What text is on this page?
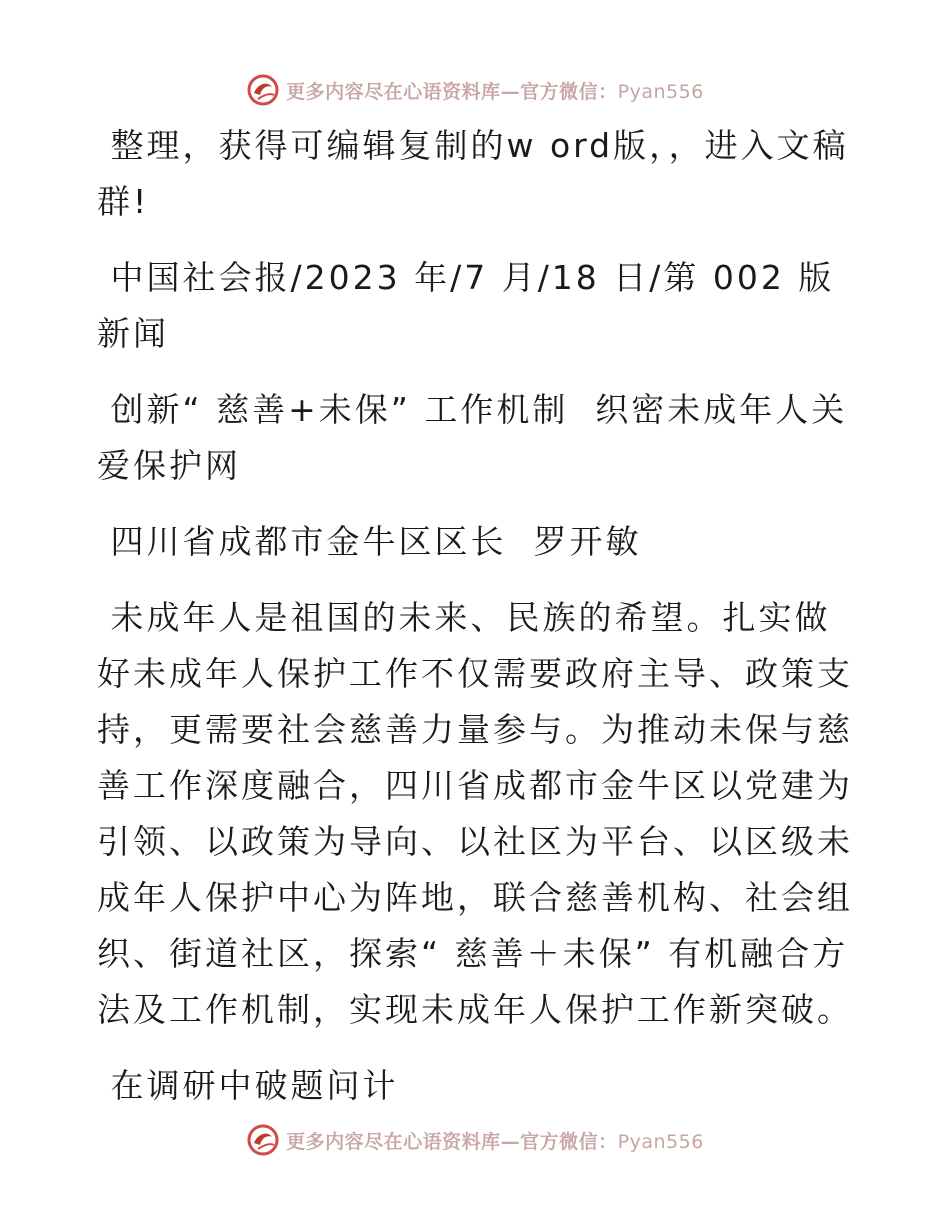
更多内容尽在心语资料库—官方微信：Pyan556

整理，获得可编辑复制的w ord版，，进入文稿群!

中国社会报/2023 年/7 月/18 日/第 002 版新闻

创新“ 慈善+未保” 工作机制  织密未成年人关爱保护网

四川省成都市金牛区区长  罗开敏

未成年人是祖国的未来、民族的希望。扎实做好未成年人保护工作不仅需要政府主导、政策支持，更需要社会慈善力量参与。为推动未保与慈善工作深度融合，四川省成都市金牛区以党建为引领、以政策为导向、以社区为平台、以区级未成年人保护中心为阵地，联合慈善机构、社会组织、街道社区，探索“ 慈善＋未保” 有机融合方法及工作机制，实现未成年人保护工作新突破。

在调研中破题问计

更多内容尽在心语资料库—官方微信：Pyan556
